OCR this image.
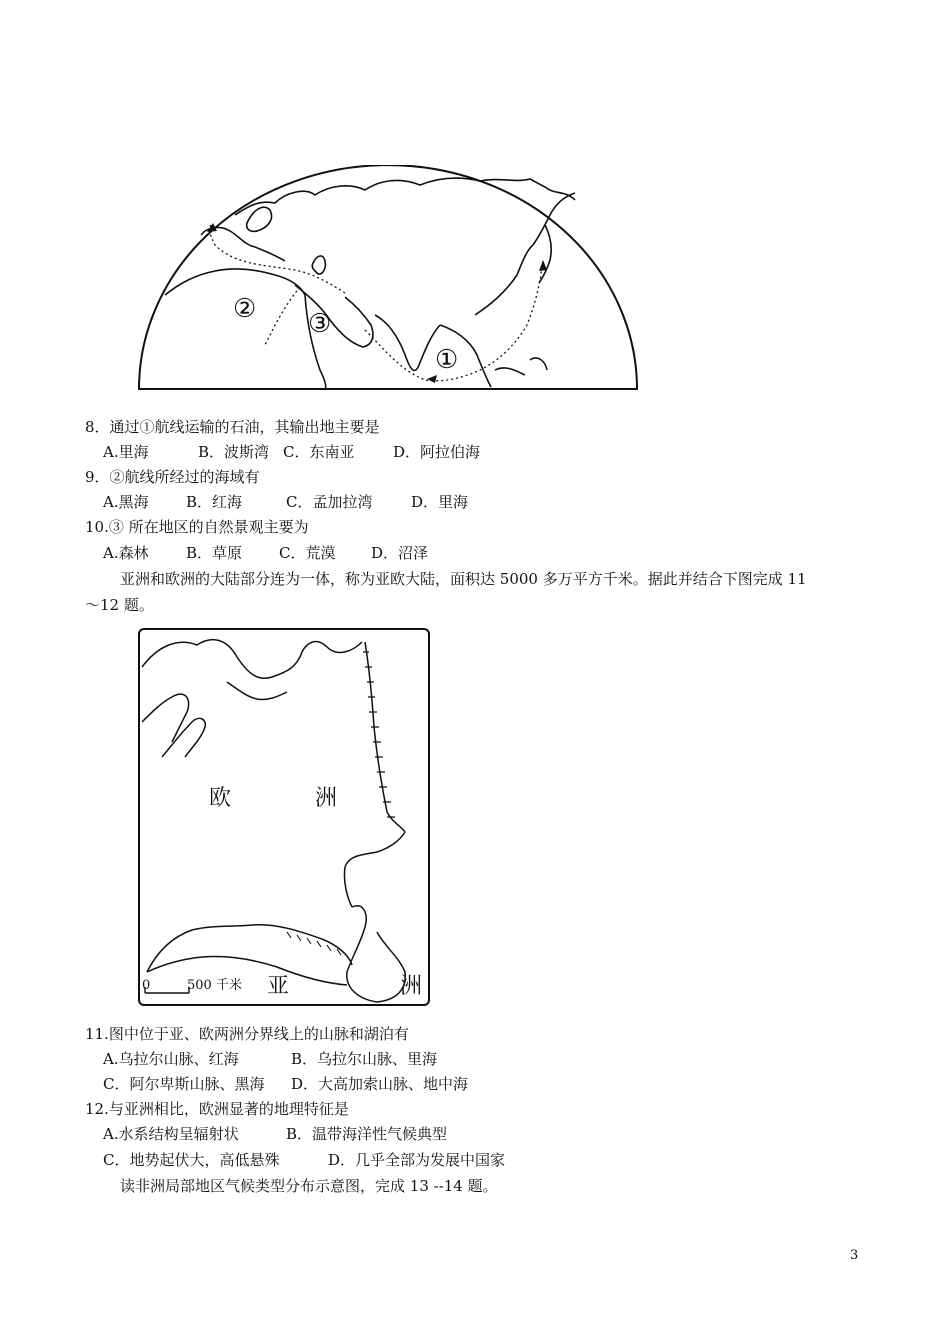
①
② ③
8．通过①航线运输的石油，其输出地主要是
A.里海	B．波斯湾 C．东南亚	D．阿拉伯海
9．②航线所经过的海域有
A.黑海 B．红海	C．孟加拉湾	D．里海
10.③ 所在地区的自然景观主要为
A.森林 B．草原 C．荒漠 D．沼泽
亚洲和欧洲的大陆部分连为一体，称为亚欧大陆，面积达 5000 多万平方千米。据此并结合下图完成 11
～12 题。
欧	洲
亚	洲
0	500 千米
11.图中位于亚、欧两洲分界线上的山脉和湖泊有
A.乌拉尔山脉、红海	B．乌拉尔山脉、里海
C．阿尔卑斯山脉、黑海 D．大高加索山脉、地中海
12.与亚洲相比，欧洲显著的地理特征是
A.水系结构呈辐射状	B．温带海洋性气候典型
C．地势起伏大，高低悬殊	D．几乎全部为发展中国家
读非洲局部地区气候类型分布示意图，完成 13 --14 题。
3
